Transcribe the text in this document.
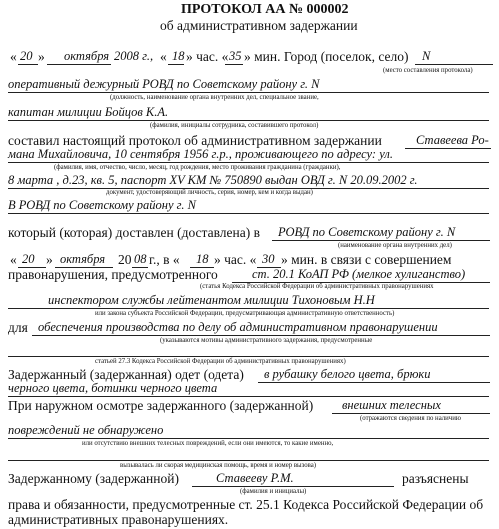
ПРОТОКОЛ АА № 000002
об административном задержании
« 20 » октября 2008 г., « 18 » час. « 35 » мин. Город (поселок, село) N
(место составления протокола)
оперативный дежурный РОВД по Советскому району г. N
(должность, наименование органа внутренних дел, специальное звание,
капитан милиции Бойцов К.А.
(фамилия, инициалы сотрудника, составившего протокол)
составил настоящий протокол об административном задержании	Ставеева Ро-
мана Михайловича, 10 сентября 1956 г.р., проживающего по адресу: ул.
(фамилия, имя, отчество, число, месяц, год рождения, место проживания гражданина (гражданки),
8 марта , д.23, кв. 5, паспорт XV КМ № 750890 выдан ОВД г. N 20.09.2002 г.
документ, удостоверяющий личность, серия, номер, кем и когда выдан)
В РОВД по Советскому району г. N
который (которая) доставлен (доставлена) в РОВД по Советскому району г. N
(наименование органа внутренних дел)
« 20 » октября 20 08 г., в « 18 » час. « 30 » мин. в связи с совершением
правонарушения, предусмотренного	ст. 20.1 КоАП РФ (мелкое хулиганство)
(статья Кодекса Российской Федерации об административных правонарушениях
инспектором службы лейтенантом милиции Тихоновым Н.Н
или закона субъекта Российской Федерации, предусматривающая административную ответственность)
для обеспечения производства по делу об административном правонарушении
(указываются мотивы административного задержания, предусмотренные
статьей 27.3 Кодекса Российской Федерации об административных правонарушениях)
Задержанный (задержанная) одет (одета) в рубашку белого цвета, брюки
черного цвета, ботинки черного цвета
При наружном осмотре задержанного (задержанной) внешних телесных
(отражаются сведения по наличию
повреждений не обнаружено
или отсутствию внешних телесных повреждений, если они имеются, то какие именно,
вызывалась ли скорая медицинская помощь, время и номер вызова)
Задержанному (задержанной)	Ставееву Р.М.	разъяснены
(фамилия и инициалы)
права и обязанности, предусмотренные ст. 25.1 Кодекса Российской Федерации об
административных правонарушениях.
